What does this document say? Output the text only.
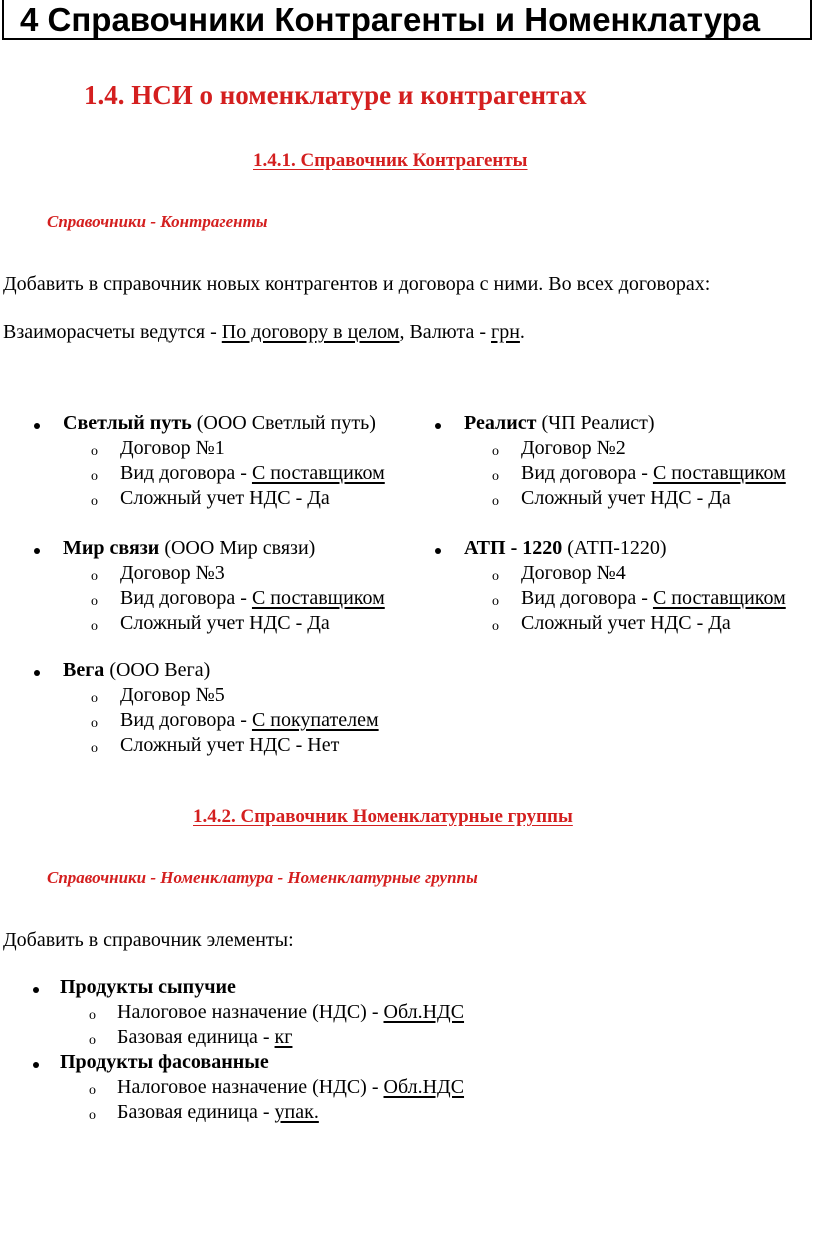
4 Справочники Контрагенты и Номенклатура
1.4. НСИ о номенклатуре и контрагентах
1.4.1. Справочник Контрагенты
Справочники - Контрагенты
Добавить в справочник новых контрагентов и договора с ними. Во всех договорах:
Взаиморасчеты ведутся - По договору в целом, Валюта - грн.
Светлый путь (ООО Светлый путь)
o Договор №1
o Вид договора - С поставщиком
o Сложный учет НДС - Да
Реалист (ЧП Реалист)
o Договор №2
o Вид договора - С поставщиком
o Сложный учет НДС - Да
Мир связи (ООО Мир связи)
o Договор №3
o Вид договора - С поставщиком
o Сложный учет НДС - Да
АТП - 1220 (АТП-1220)
o Договор №4
o Вид договора - С поставщиком
o Сложный учет НДС - Да
Вега (ООО Вега)
o Договор №5
o Вид договора - С покупателем
o Сложный учет НДС - Нет
1.4.2. Справочник Номенклатурные группы
Справочники - Номенклатура - Номенклатурные группы
Добавить в справочник элементы:
Продукты сыпучие
o Налоговое назначение (НДС) - Обл.НДС
o Базовая единица - кг
Продукты фасованные
o Налоговое назначение (НДС) - Обл.НДС
o Базовая единица - упак.
